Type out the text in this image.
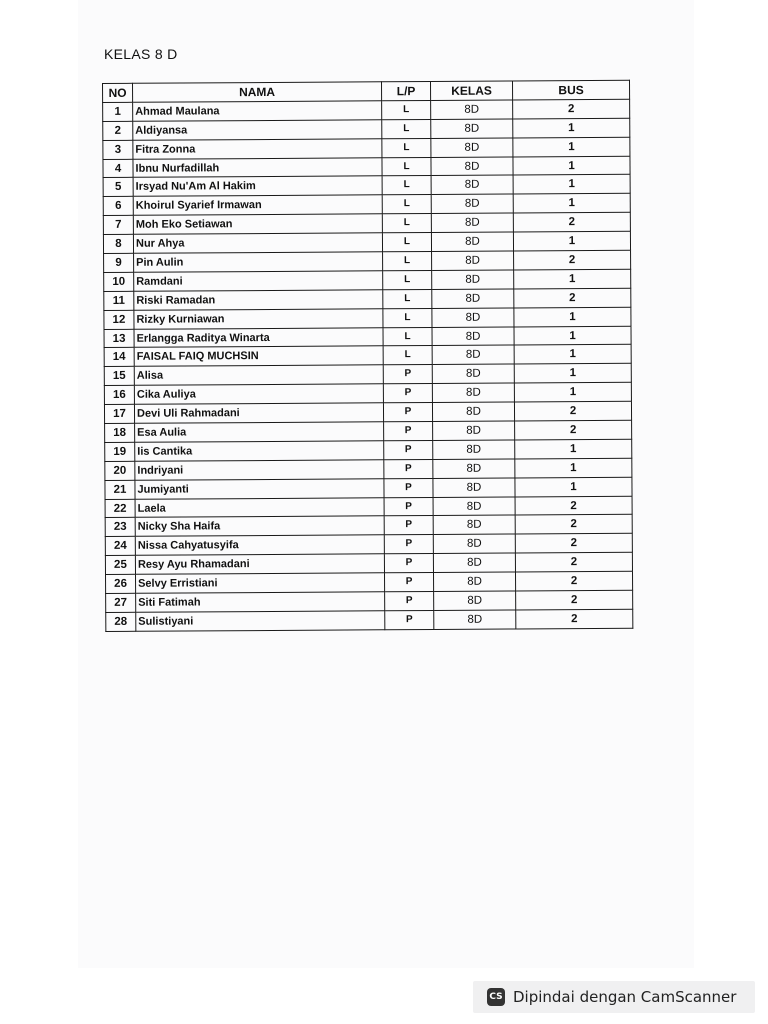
KELAS 8 D
NO	NAMA	L/P	KELAS	BUS
1	Ahmad Maulana	L	8D	2
2	Aldiyansa	L	8D	1
3	Fitra Zonna	L	8D	1
4	Ibnu Nurfadillah	L	8D	1
5	Irsyad Nu'Am Al Hakim	L	8D	1
6	Khoirul Syarief Irmawan	L	8D	1
7	Moh Eko Setiawan	L	8D	2
8	Nur Ahya	L	8D	1
9	Pin Aulin	L	8D	2
10	Ramdani	L	8D	1
11	Riski Ramadan	L	8D	2
12	Rizky Kurniawan	L	8D	1
13	Erlangga Raditya Winarta	L	8D	1
14	FAISAL FAIQ MUCHSIN	L	8D	1
15	Alisa	P	8D	1
16	Cika Auliya	P	8D	1
17	Devi Uli Rahmadani	P	8D	2
18	Esa Aulia	P	8D	2
19	Iis Cantika	P	8D	1
20	Indriyani	P	8D	1
21	Jumiyanti	P	8D	1
22	Laela	P	8D	2
23	Nicky Sha Haifa	P	8D	2
24	Nissa Cahyatusyifa	P	8D	2
25	Resy Ayu Rhamadani	P	8D	2
26	Selvy Erristiani	P	8D	2
27	Siti Fatimah	P	8D	2
28	Sulistiyani	P	8D	2
CS Dipindai dengan CamScanner
